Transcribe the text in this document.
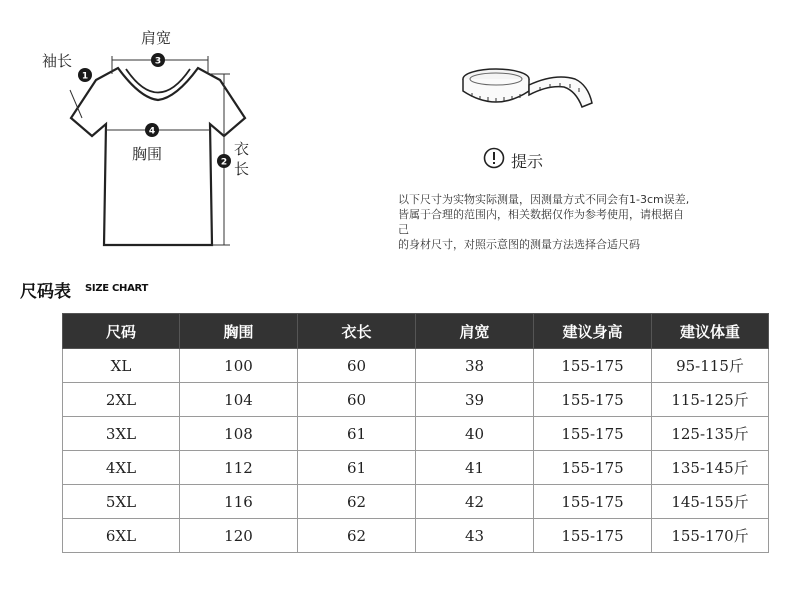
3
4
2
1
肩宽
袖长
胸围	衣
长	提示
以下尺寸为实物实际测量，因测量方式不同会有1-3cm误差,
皆属于合理的范围内，相关数据仅作为参考使用，请根据自
己
的身材尺寸，对照示意图的测量方法选择合适尺码
尺码表 SIZE CHART
尺码	胸围	衣长	肩宽	建议身高	建议体重
XL	100	60	38	155-175	95-115斤
2XL	104	60	39	155-175	115-125斤
3XL	108	61	40	155-175	125-135斤
4XL	112	61	41	155-175	135-145斤
5XL	116	62	42	155-175	145-155斤
6XL	120	62	43	155-175	155-170斤
